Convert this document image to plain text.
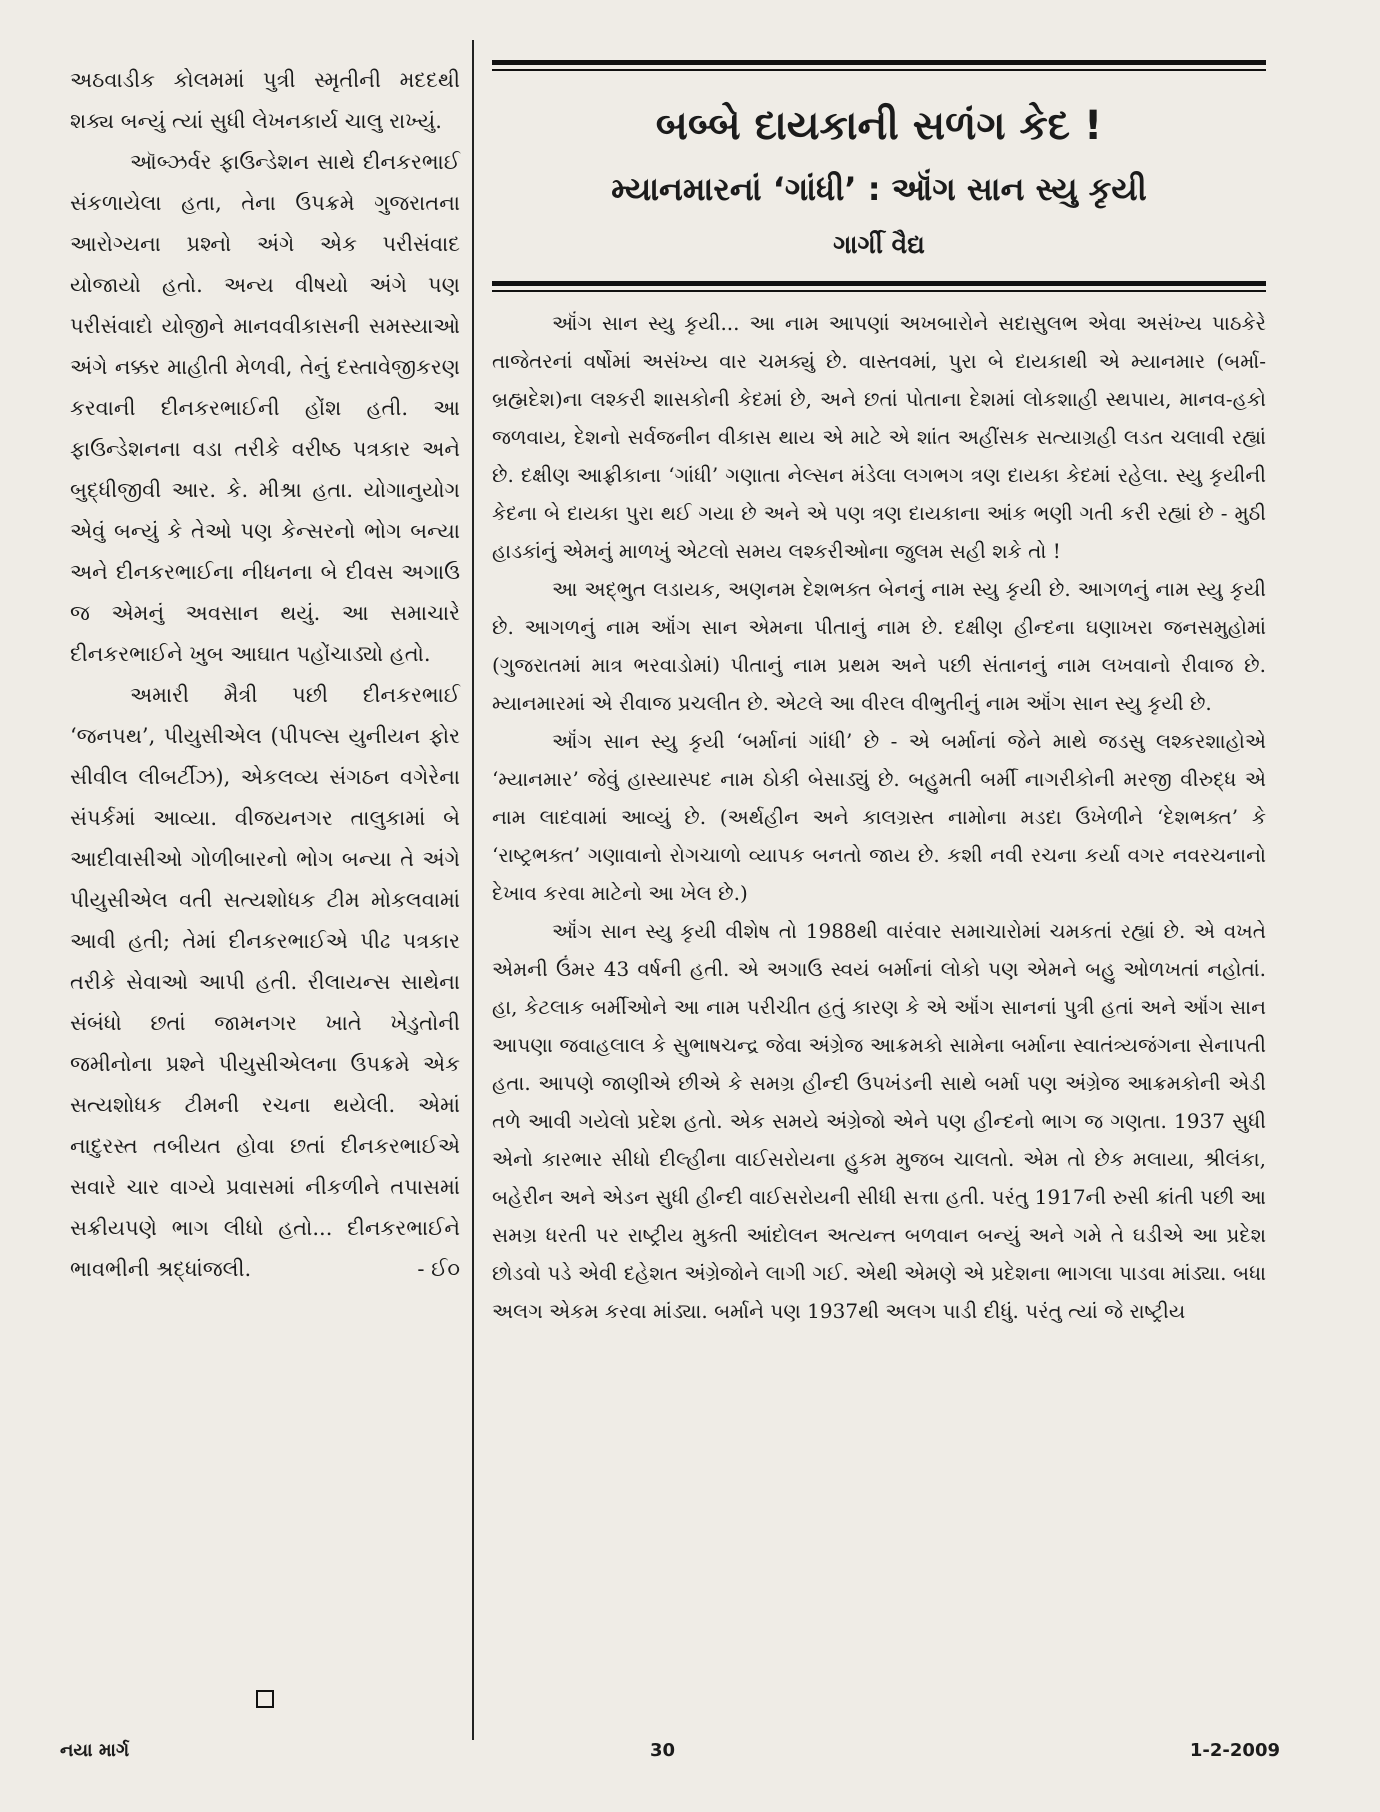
અઠવાડીક કોલમમાં પુત્રી સ્મૃતીની મદદથી શક્ય બન્યું ત્યાં સુધી લેખનકાર્ય ચાલુ રાખ્યું.

ઑબ્ઝર્વર ફાઉન્ડેશન સાથે દીનકરભાઈ સંકળાયેલા હતા, તેના ઉપક્રમે ગુજરાતના આરોગ્યના પ્રશ્નો અંગે એક પરીસંવાદ યોજાયો હતો. અન્ય વીષયો અંગે પણ પરીસંવાદો યોજીને માનવવીકાસની સમસ્યાઓ અંગે નક્કર માહીતી મેળવી, તેનું દસ્તાવેજીકરણ કરવાની દીનકરભાઈની હોંશ હતી. આ ફાઉન્ડેશનના વડા તરીકે વરીષ્ઠ પત્રકાર અને બુદ્ધીજીવી આર. કે. મીશ્રા હતા. યોગાનુયોગ એવું બન્યું કે તેઓ પણ કેન્સરનો ભોગ બન્યા અને દીનકરભાઈના નીધનના બે દીવસ અગાઉ જ એમનું અવસાન થયું. આ સમાચારે દીનકરભાઈને ખુબ આઘાત પહોંચાડ્યો હતો.

અમારી મૈત્રી પછી દીનકરભાઈ ‘જનપથ’, પીયુસીએલ (પીપલ્સ યુનીયન ફોર સીવીલ લીબર્ટીઝ), એકલવ્ય સંગઠન વગેરેના સંપર્કમાં આવ્યા. વીજયનગર તાલુકામાં બે આદીવાસીઓ ગોળીબારનો ભોગ બન્યા તે અંગે પીયુસીએલ વતી સત્યશોધક ટીમ મોકલવામાં આવી હતી; તેમાં દીનકરભાઈએ પીઢ પત્રકાર તરીકે સેવાઓ આપી હતી. રીલાયન્સ સાથેના સંબંધો છતાં જામનગર ખાતે ખેડુતોની જમીનોના પ્રશ્ને પીયુસીએલના ઉપક્રમે એક સત્યશોધક ટીમની રચના થયેલી. એમાં નાદુરસ્ત તબીયત હોવા છતાં દીનકરભાઈએ સવારે ચાર વાગ્યે પ્રવાસમાં નીકળીને તપાસમાં સક્રીયપણે ભાગ લીધો હતો... દીનકરભાઈને ભાવભીની શ્રદ્ધાંજલી.	- ઈ૦

બબ્બે દાયકાની સળંગ કેદ !
મ્યાનમારનાં ‘ગાંધી’ : ઑંગ સાન સ્યુ કૃયી
ગાર્ગી વૈદ્ય

ઑંગ સાન સ્યુ કૃયી... આ નામ આપણાં અખબારોને સદાસુલભ એવા અસંખ્ય પાઠકેરે તાજેતરનાં વર્ષોમાં અસંખ્ય વાર ચમક્યું છે. વાસ્તવમાં, પુરા બે દાયકાથી એ મ્યાનમાર (બર્મા-બ્રહ્મદેશ)ના લશ્કરી શાસકોની કેદમાં છે, અને છતાં પોતાના દેશમાં લોકશાહી સ્થપાય, માનવ-હકો જળવાય, દેશનો સર્વજનીન વીકાસ થાય એ માટે એ શાંત અહીંસક સત્યાગ્રહી લડત ચલાવી રહ્યાં છે. દક્ષીણ આફ્રીકાના ‘ગાંધી’ ગણાતા નેલ્સન મંડેલા લગભગ ત્રણ દાયકા કેદમાં રહેલા. સ્યુ કૃયીની કેદના બે દાયકા પુરા થઈ ગયા છે અને એ પણ ત્રણ દાયકાના આંક ભણી ગતી કરી રહ્યાં છે - મુઠી હાડકાંનું એમનું માળખું એટલો સમય લશ્કરીઓના જુલમ સહી શકે તો !

આ અદ્ભુત લડાયક, અણનમ દેશભક્ત બેનનું નામ સ્યુ કૃયી છે. આગળનું નામ સ્યુ કૃયી છે. આગળનું નામ ઑંગ સાન એમના પીતાનું નામ છે. દક્ષીણ હીન્દના ઘણાખરા જનસમુહોમાં (ગુજરાતમાં માત્ર ભરવાડોમાં) પીતાનું નામ પ્રથમ અને પછી સંતાનનું નામ લખવાનો રીવાજ છે. મ્યાનમારમાં એ રીવાજ પ્રચલીત છે. એટલે આ વીરલ વીભુતીનું નામ ઑંગ સાન સ્યુ કૃયી છે.

ઑંગ સાન સ્યુ કૃયી ‘બર્માનાં ગાંધી’ છે - એ બર્માનાં જેને માથે જડસુ લશ્કરશાહોએ ‘મ્યાનમાર’ જેવું હાસ્યાસ્પદ નામ ઠોકી બેસાડ્યું છે. બહુમતી બર્મી નાગરીકોની મરજી વીરુદ્ધ એ નામ લાદવામાં આવ્યું છે. (અર્થહીન અને કાલગ્રસ્ત નામોના મડદા ઉખેળીને ‘દેશભક્ત’ કે ‘રાષ્ટ્રભક્ત’ ગણાવાનો રોગચાળો વ્યાપક બનતો જાય છે. કશી નવી રચના કર્યા વગર નવરચનાનો દેખાવ કરવા માટેનો આ ખેલ છે.)

ઑંગ સાન સ્યુ કૃયી વીશેષ તો 1988થી વારંવાર સમાચારોમાં ચમકતાં રહ્યાં છે. એ વખતે એમની ઉંમર 43 વર્ષની હતી. એ અગાઉ સ્વયં બર્માનાં લોકો પણ એમને બહુ ઓળખતાં નહોતાં. હા, કેટલાક બર્મીઓને આ નામ પરીચીત હતું કારણ કે એ ઑંગ સાનનાં પુત્રી હતાં અને ઑંગ સાન આપણા જવાહલાલ કે સુભાષચન્દ્ર જેવા અંગ્રેજ આક્રમકો સામેના બર્માના સ્વાતંત્ર્યજંગના સેનાપતી હતા. આપણે જાણીએ છીએ કે સમગ્ર હીન્દી ઉપખંડની સાથે બર્મા પણ અંગ્રેજ આક્રમકોની એડી તળે આવી ગયેલો પ્રદેશ હતો. એક સમયે અંગ્રેજો એને પણ હીન્દનો ભાગ જ ગણતા. 1937 સુધી એનો કારભાર સીધો દીલ્હીના વાઈસરોયના હુકમ મુજબ ચાલતો. એમ તો છેક મલાયા, શ્રીલંકા, બહેરીન અને એડન સુધી હીન્દી વાઈસરોયની સીધી સત્તા હતી. પરંતુ 1917ની રુસી ક્રાંતી પછી આ સમગ્ર ધરતી પર રાષ્ટ્રીય મુક્તી આંદોલન અત્યન્ત બળવાન બન્યું અને ગમે તે ઘડીએ આ પ્રદેશ છોડવો પડે એવી દહેશત અંગ્રેજોને લાગી ગઈ. એથી એમણે એ પ્રદેશના ભાગલા પાડવા માંડ્યા. બધા અલગ એકમ કરવા માંડ્યા. બર્માને પણ 1937થી અલગ પાડી દીધું. પરંતુ ત્યાં જે રાષ્ટ્રીય

નયા માર્ગ	30	1-2-2009
